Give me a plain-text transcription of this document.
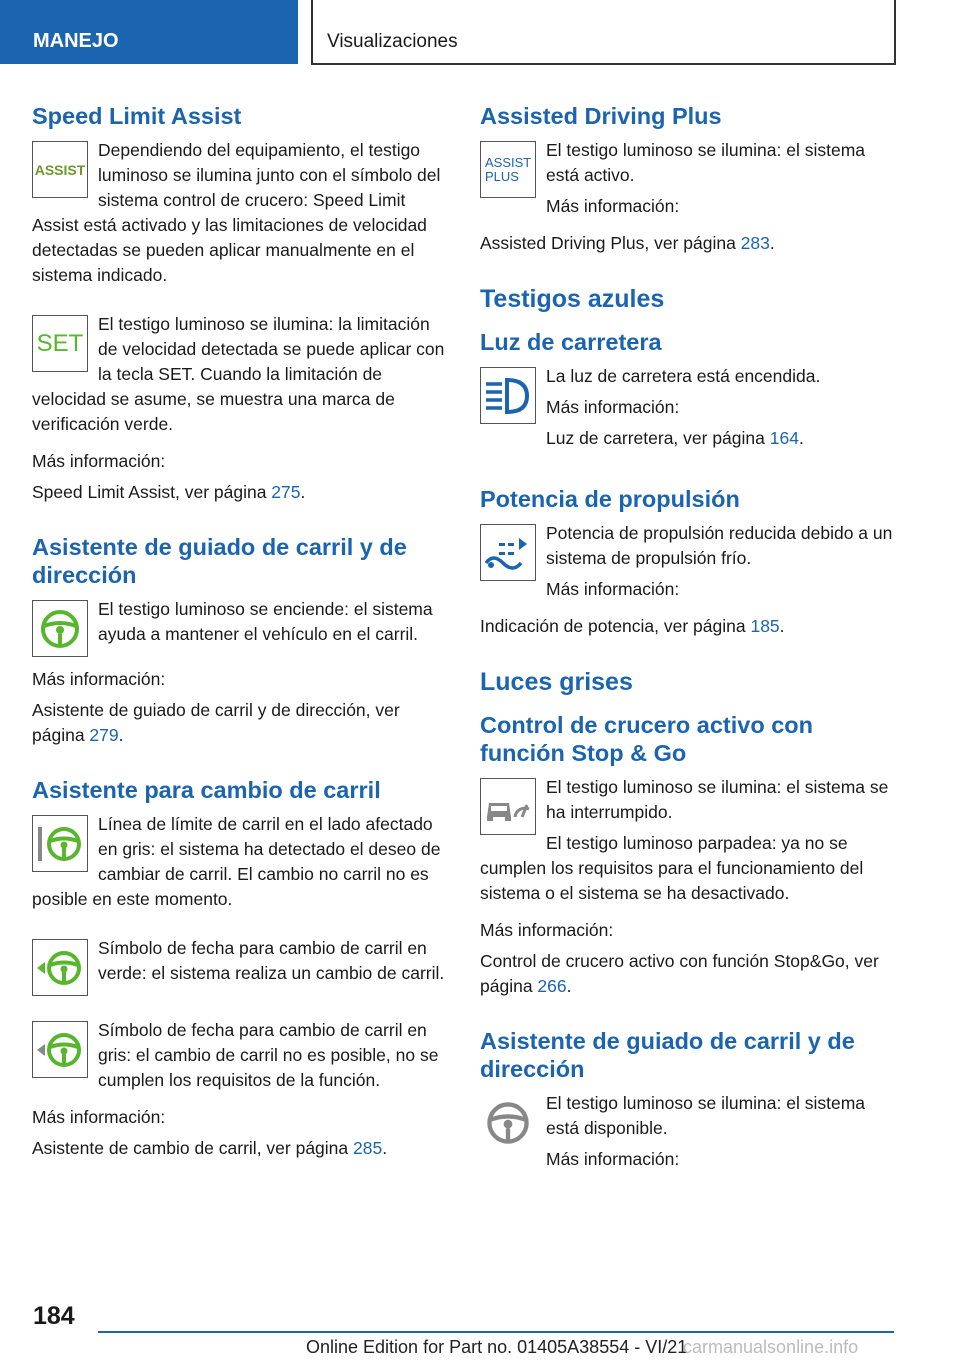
MANEJO	Visualizaciones
Speed Limit Assist
ASSIST

Dependiendo del equipamiento, el testigo luminoso se ilumina junto con el símbolo del sistema control de crucero: Speed Limit Assist está activado y las limitaciones de velocidad detectadas se pueden aplicar manualmente en el sistema indicado.

SET

El testigo luminoso se ilumina: la limitación de velocidad detectada se puede aplicar con la tecla SET. Cuando la limitación de velocidad se asume, se muestra una marca de verificación verde.

Más información:

Speed Limit Assist, ver página 275.

Asistente de guiado de carril y de dirección

El testigo luminoso se enciende: el sistema ayuda a mantener el vehículo en el carril.

Más información:

Asistente de guiado de carril y de dirección, ver página 279.

Asistente para cambio de carril

Línea de límite de carril en el lado afectado en gris: el sistema ha detectado el deseo de cambiar de carril. El cambio no carril no es posible en este momento.

Símbolo de fecha para cambio de carril en verde: el sistema realiza un cambio de carril.

Símbolo de fecha para cambio de carril en gris: el cambio de carril no es posible, no se cumplen los requisitos de la función.

Más información:

Asistente de cambio de carril, ver página 285.

Assisted Driving Plus
ASSIST
PLUS

El testigo luminoso se ilumina: el sistema está activo.

Más información:

Assisted Driving Plus, ver página 283.

Testigos azules
Luz de carretera

La luz de carretera está encendida.

Más información:

Luz de carretera, ver página 164.

Potencia de propulsión

Potencia de propulsión reducida debido a un sistema de propulsión frío.

Más información:

Indicación de potencia, ver página 185.

Luces grises
Control de crucero activo con función Stop & Go

El testigo luminoso se ilumina: el sistema se ha interrumpido.

El testigo luminoso parpadea: ya no se cumplen los requisitos para el funcionamiento del sistema o el sistema se ha desactivado.

Más información:

Control de crucero activo con función Stop&Go, ver página 266.

Asistente de guiado de carril y de dirección

El testigo luminoso se ilumina: el sistema está disponible.

Más información:

184
Online Edition for Part no. 01405A38554 - VI/21
carmanualsonline.info
